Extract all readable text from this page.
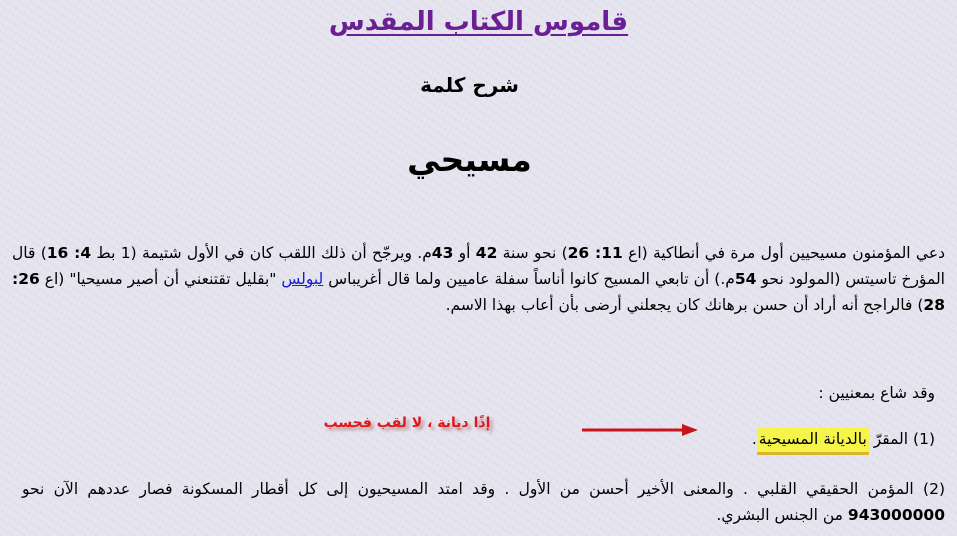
قاموس الكتاب المقدس
شرح كلمة
مسيحي

دعي المؤمنون مسيحيين أول مرة في أنطاكية (اع 11: 26) نحو سنة 42 أو 43م. ويرجّح أن ذلك اللقب كان في الأول شتيمة (1 بط 4: 16) قال المؤرخ تاسيتس (المولود نحو 54م.) أن تابعي المسيح كانوا أناساً سفلة عاميين ولما قال أغريباس لبولس "بقليل تقتنعني أن أصير مسيحيا" (اع 26: 28) فالراجح أنه أراد أن حسن برهانك كان يجعلني أرضى بأن أعاب بهذا الاسم.

وقد شاع بمعنيين :
(1) المقرّ بالديانة المسيحية.
إذًا ديانة ، لا لقب فحسب

(2) المؤمن الحقيقي القلبي . والمعنى الأخير أحسن من الأول . وقد امتد المسيحيون إلى كل أقطار المسكونة فصار عددهم الآن نحو 943000000 من الجنس البشري.
